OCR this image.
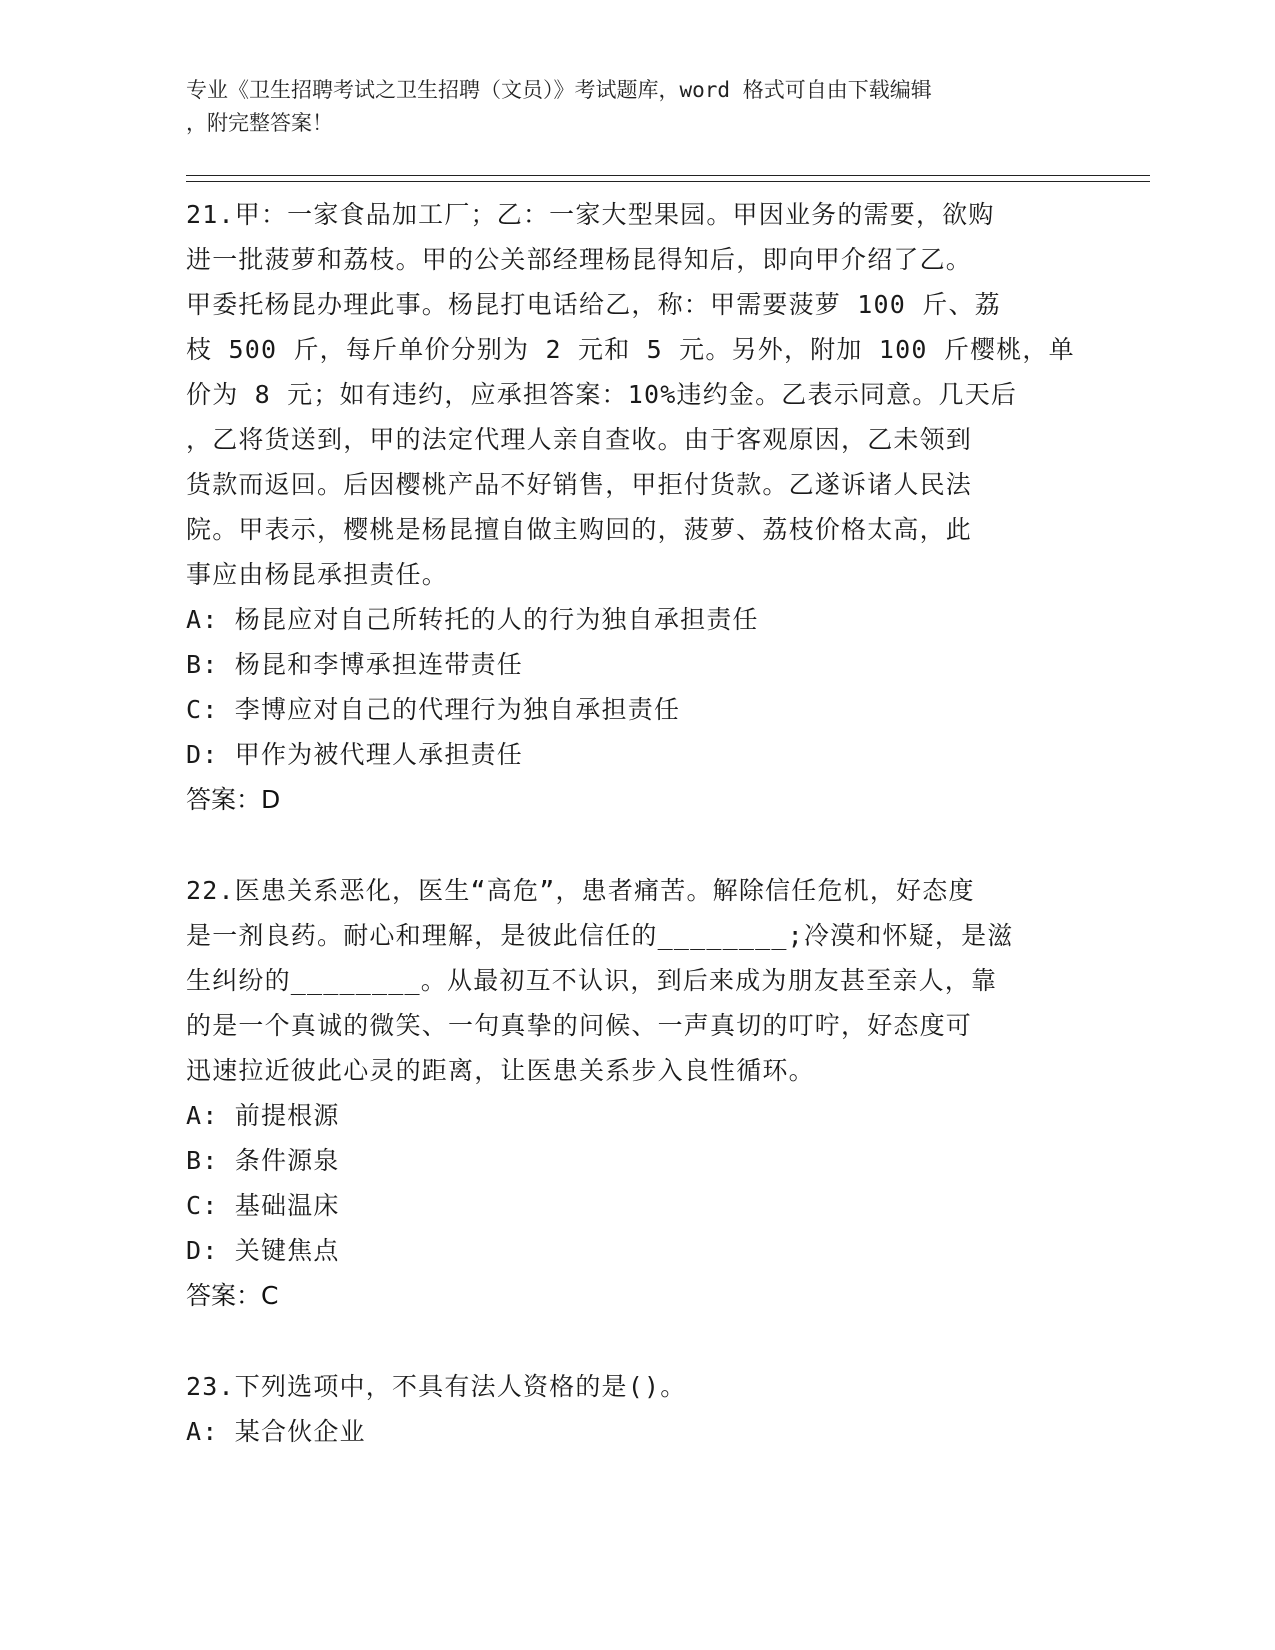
专业《卫生招聘考试之卫生招聘（文员）》考试题库，word 格式可自由下载编辑
，附完整答案！
21.甲：一家食品加工厂；乙：一家大型果园。甲因业务的需要，欲购
进一批菠萝和荔枝。甲的公关部经理杨昆得知后，即向甲介绍了乙。
甲委托杨昆办理此事。杨昆打电话给乙，称：甲需要菠萝 100 斤、荔
枝 500 斤，每斤单价分别为 2 元和 5 元。另外，附加 100 斤樱桃，单
价为 8 元；如有违约，应承担答案：10%违约金。乙表示同意。几天后
，乙将货送到，甲的法定代理人亲自查收。由于客观原因，乙未领到
货款而返回。后因樱桃产品不好销售，甲拒付货款。乙遂诉诸人民法
院。甲表示，樱桃是杨昆擅自做主购回的，菠萝、荔枝价格太高，此
事应由杨昆承担责任。
A: 杨昆应对自己所转托的人的行为独自承担责任
B: 杨昆和李博承担连带责任
C: 李博应对自己的代理行为独自承担责任
D: 甲作为被代理人承担责任
答案：D
22.医患关系恶化，医生“高危”，患者痛苦。解除信任危机，好态度
是一剂良药。耐心和理解，是彼此信任的________;冷漠和怀疑，是滋
生纠纷的________。从最初互不认识，到后来成为朋友甚至亲人，靠
的是一个真诚的微笑、一句真挚的问候、一声真切的叮咛，好态度可
迅速拉近彼此心灵的距离，让医患关系步入良性循环。
A: 前提根源
B: 条件源泉
C: 基础温床
D: 关键焦点
答案：C
23.下列选项中，不具有法人资格的是()。
A: 某合伙企业
